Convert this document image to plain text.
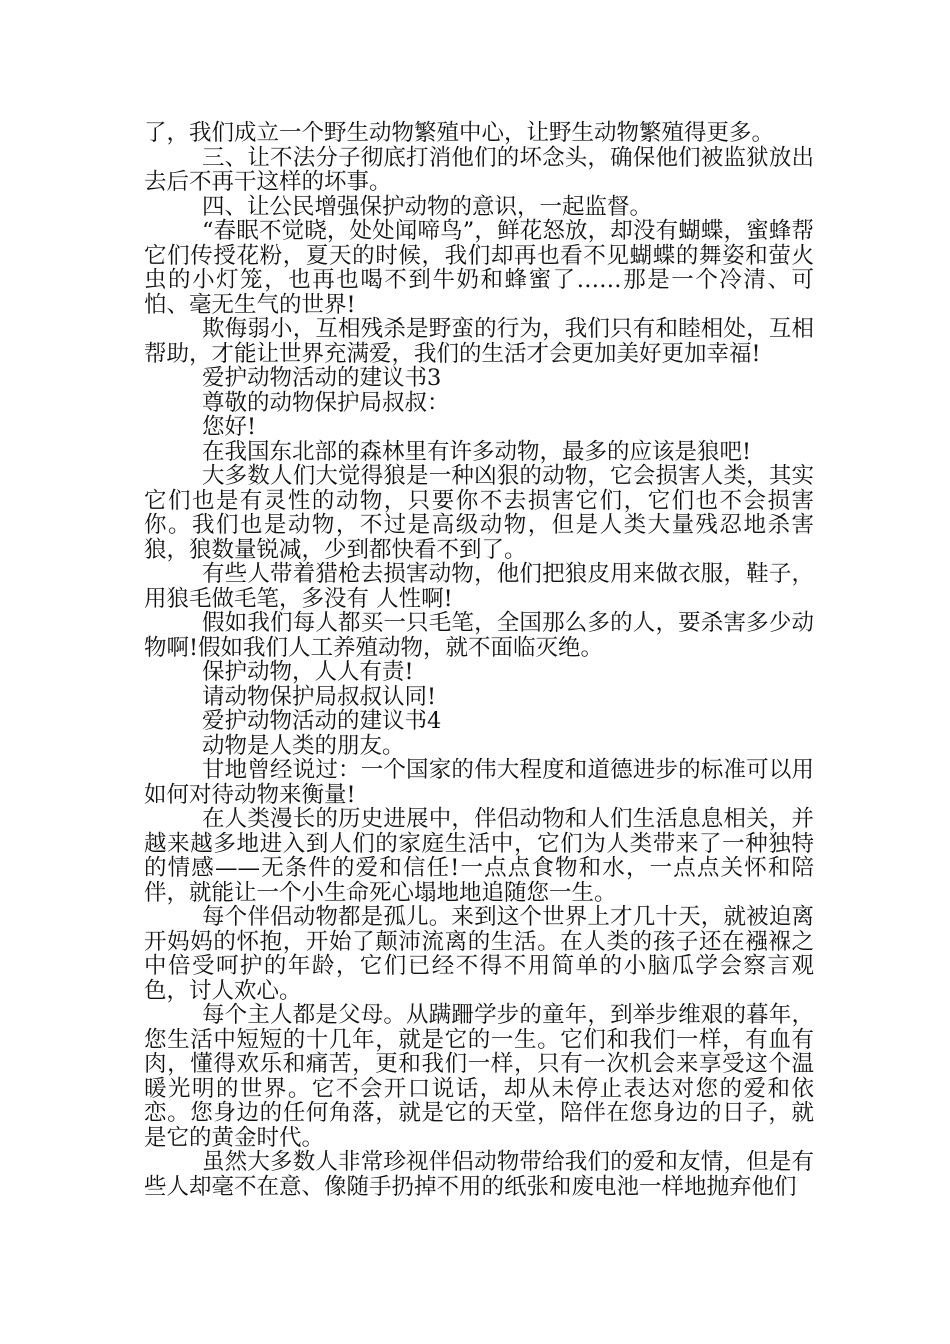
了，我们成立一个野生动物繁殖中心，让野生动物繁殖得更多。

三、让不法分子彻底打消他们的坏念头，确保他们被监狱放出去后不再干这样的坏事。

四、让公民增强保护动物的意识，一起监督。

“春眠不觉晓，处处闻啼鸟”，鲜花怒放，却没有蝴蝶，蜜蜂帮它们传授花粉，夏天的时候，我们却再也看不见蝴蝶的舞姿和萤火虫的小灯笼，也再也喝不到牛奶和蜂蜜了……那是一个冷清、可怕、毫无生气的世界!

欺侮弱小，互相残杀是野蛮的行为，我们只有和睦相处，互相帮助，才能让世界充满爱，我们的生活才会更加美好更加幸福!

爱护动物活动的建议书3

尊敬的动物保护局叔叔：

您好!

在我国东北部的森林里有许多动物，最多的应该是狼吧!

大多数人们大觉得狼是一种凶狠的动物，它会损害人类，其实它们也是有灵性的动物，只要你不去损害它们，它们也不会损害你。我们也是动物，不过是高级动物，但是人类大量残忍地杀害狼，狼数量锐减，少到都快看不到了。

有些人带着猎枪去损害动物，他们把狼皮用来做衣服，鞋子，用狼毛做毛笔，多没有 人性啊!

假如我们每人都买一只毛笔，全国那么多的人，要杀害多少动物啊!假如我们人工养殖动物，就不面临灭绝。

保护动物，人人有责!

请动物保护局叔叔认同!

爱护动物活动的建议书4

动物是人类的朋友。

甘地曾经说过：一个国家的伟大程度和道德进步的标准可以用如何对待动物来衡量!

在人类漫长的历史进展中，伴侣动物和人们生活息息相关，并越来越多地进入到人们的家庭生活中，它们为人类带来了一种独特的情感——无条件的爱和信任!一点点食物和水，一点点关怀和陪伴，就能让一个小生命死心塌地地追随您一生。

每个伴侣动物都是孤儿。来到这个世界上才几十天，就被迫离开妈妈的怀抱，开始了颠沛流离的生活。在人类的孩子还在襁褓之中倍受呵护的年龄，它们已经不得不用简单的小脑瓜学会察言观色，讨人欢心。

每个主人都是父母。从蹒跚学步的童年，到举步维艰的暮年，您生活中短短的十几年，就是它的一生。它们和我们一样，有血有肉，懂得欢乐和痛苦，更和我们一样，只有一次机会来享受这个温暖光明的世界。它不会开口说话，却从未停止表达对您的爱和依恋。您身边的任何角落，就是它的天堂，陪伴在您身边的日子，就是它的黄金时代。

虽然大多数人非常珍视伴侣动物带给我们的爱和友情，但是有些人却毫不在意、像随手扔掉不用的纸张和废电池一样地抛弃他们
